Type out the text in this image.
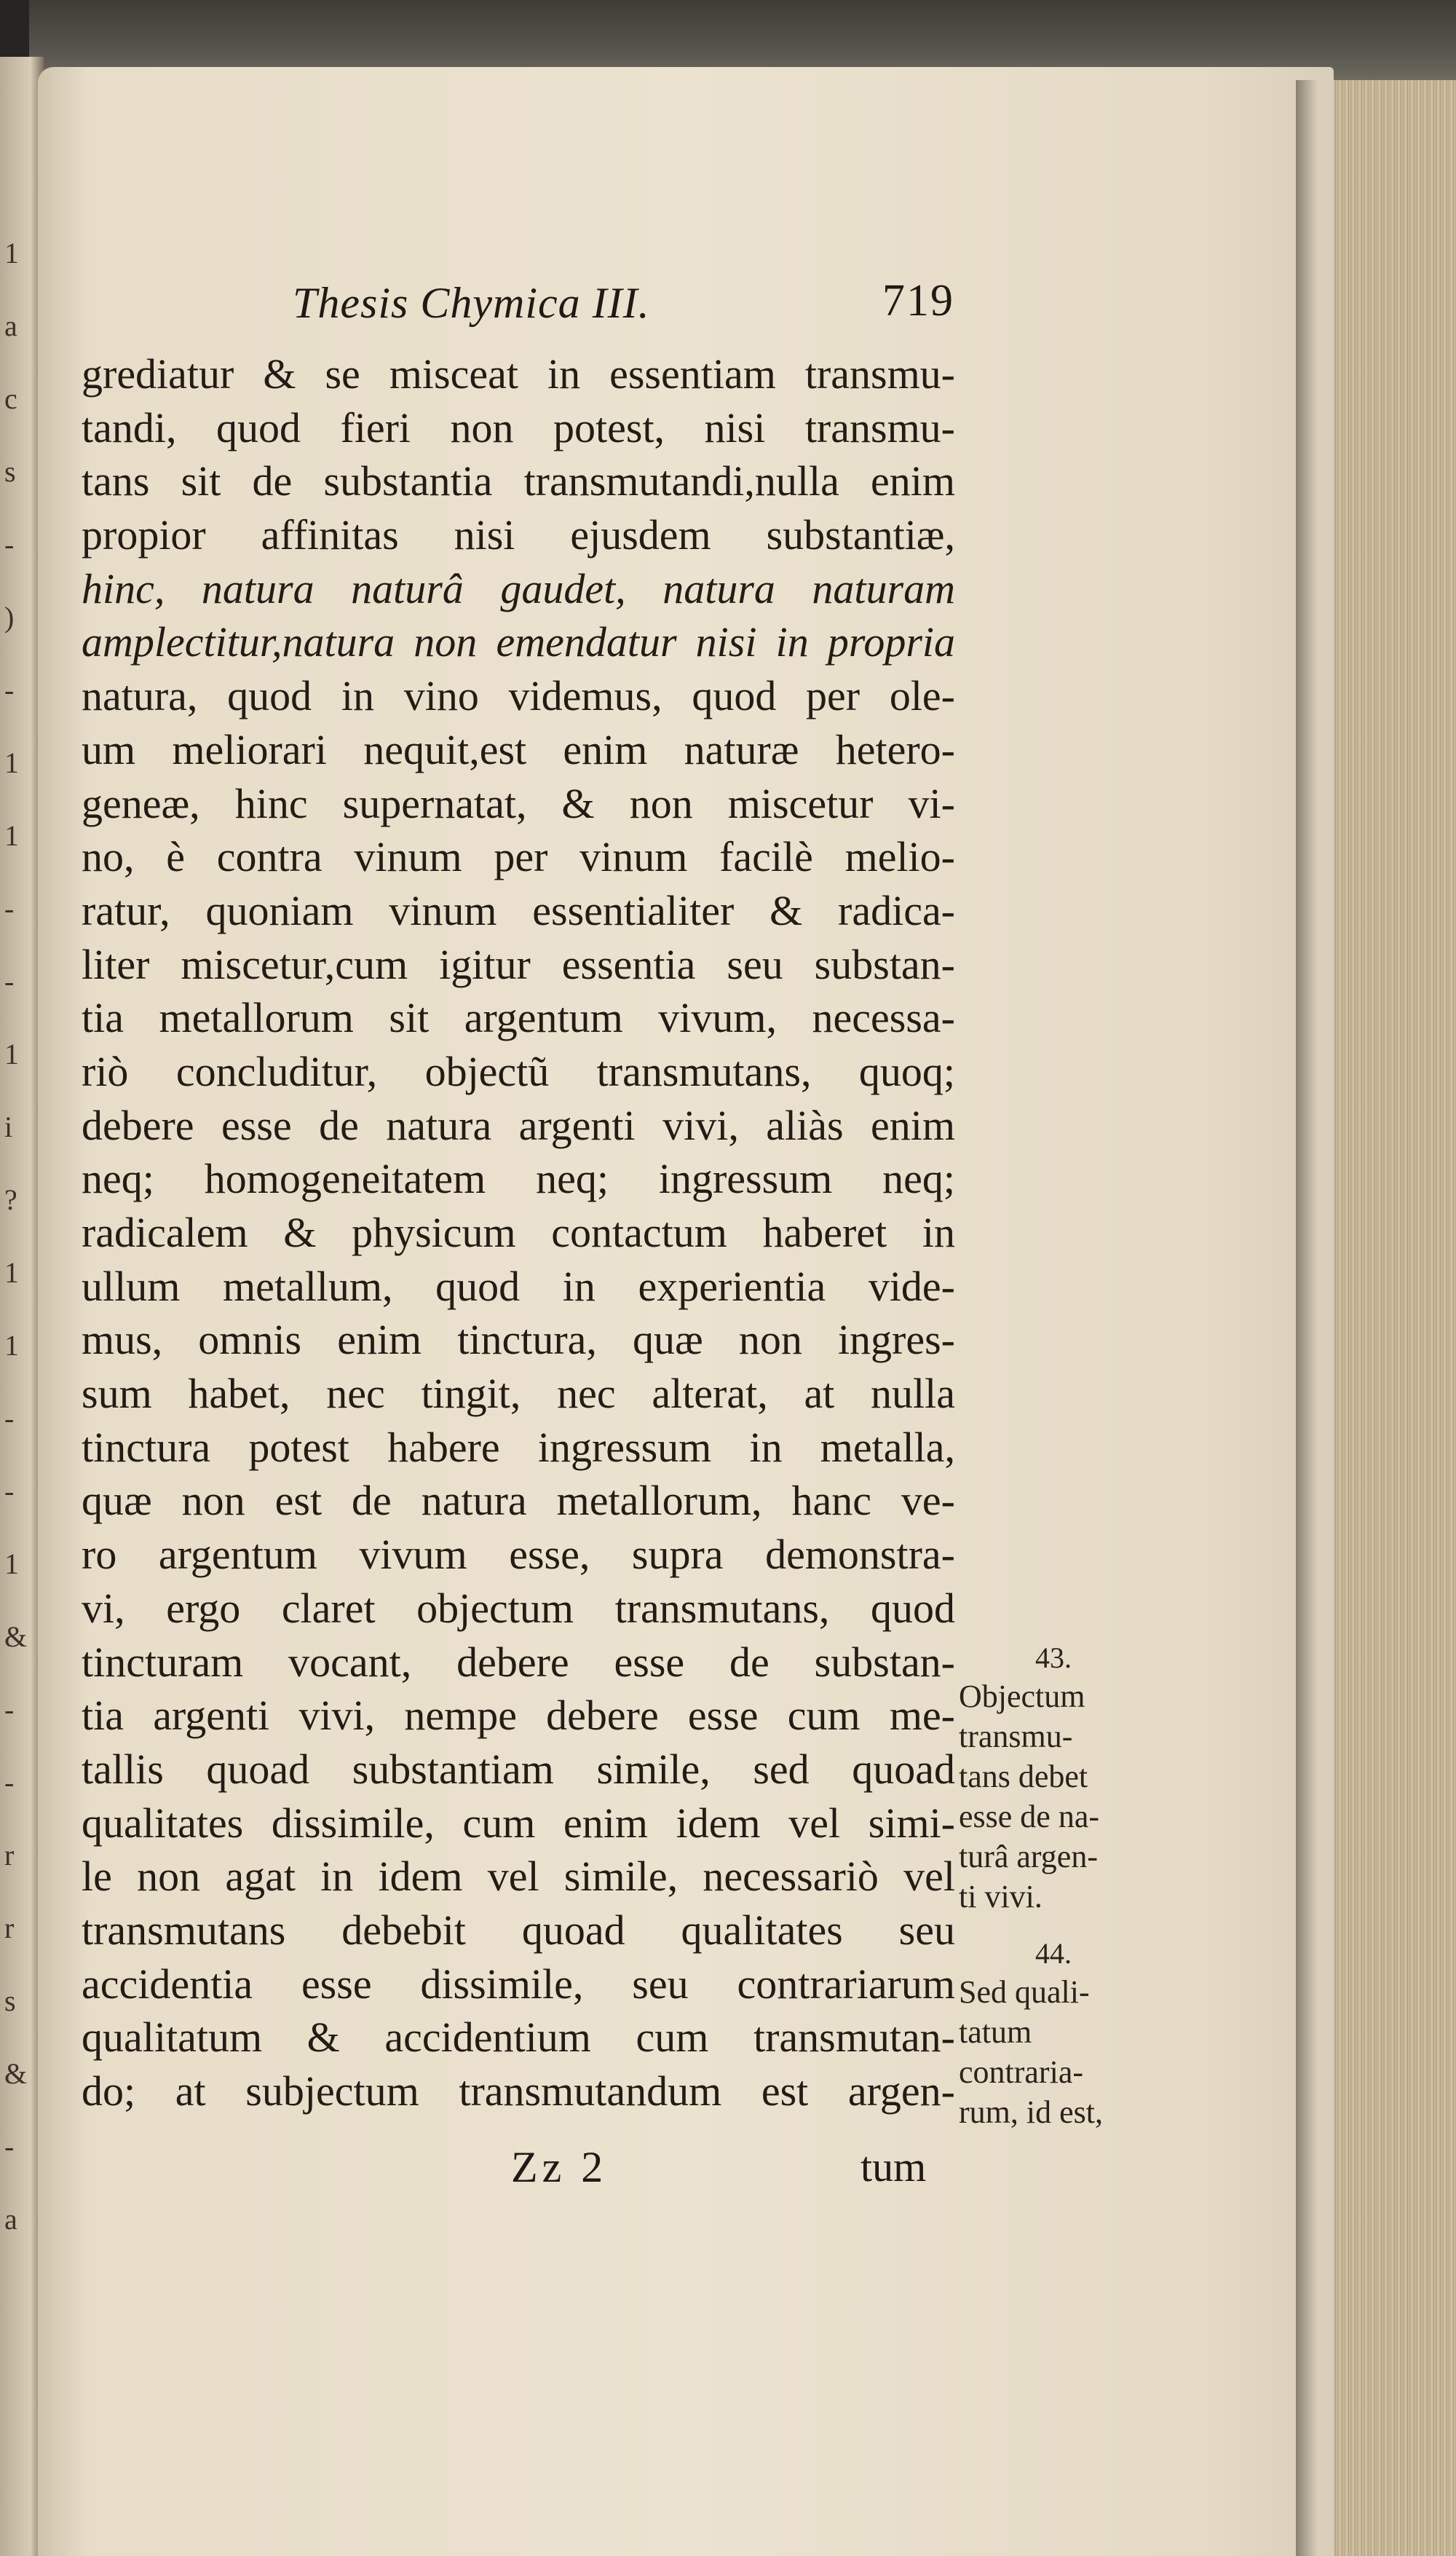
1
a
c
s
-
)
-
1
1
-
-
1
i
?
1
1
-
-
1
&
-
-
r
r
s
&
-
a
Thesis Chymica III.	719
grediatur & se misceat in essentiam transmu-
tandi, quod fieri non potest, nisi transmu-
tans sit de substantia transmutandi,nulla enim
propior affinitas nisi ejusdem substantiæ,
hinc, natura naturâ gaudet, natura naturam
amplectitur,natura non emendatur nisi in propria
natura, quod in vino videmus, quod per ole-
um meliorari nequit,est enim naturæ hetero-
geneæ, hinc supernatat, & non miscetur vi-
no, è contra vinum per vinum facilè melio-
ratur, quoniam vinum essentialiter & radica-
liter miscetur,cum igitur essentia seu substan-
tia metallorum sit argentum vivum, necessa-
riò concluditur, objectũ transmutans, quoq;
debere esse de natura argenti vivi, aliàs enim
neq; homogeneitatem neq; ingressum neq;
radicalem & physicum contactum haberet in
ullum metallum, quod in experientia vide-
mus, omnis enim tinctura, quæ non ingres-
sum habet, nec tingit, nec alterat, at nulla
tinctura potest habere ingressum in metalla,
quæ non est de natura metallorum, hanc ve-
ro argentum vivum esse, supra demonstra-
vi, ergo claret objectum transmutans, quod
tincturam vocant, debere esse de substan-
tia argenti vivi, nempe debere esse cum me-
tallis quoad substantiam simile, sed quoad
qualitates dissimile, cum enim idem vel simi-
le non agat in idem vel simile, necessariò vel
transmutans debebit quoad qualitates seu
accidentia esse dissimile, seu contrariarum
qualitatum & accidentium cum transmutan-
do; at subjectum transmutandum est argen-
43.
Objectum
transmu-
tans debet
esse de na-
turâ argen-
ti vivi.
44.
Sed quali-
tatum
contraria-
rum, id est,
Zz 2	tum
